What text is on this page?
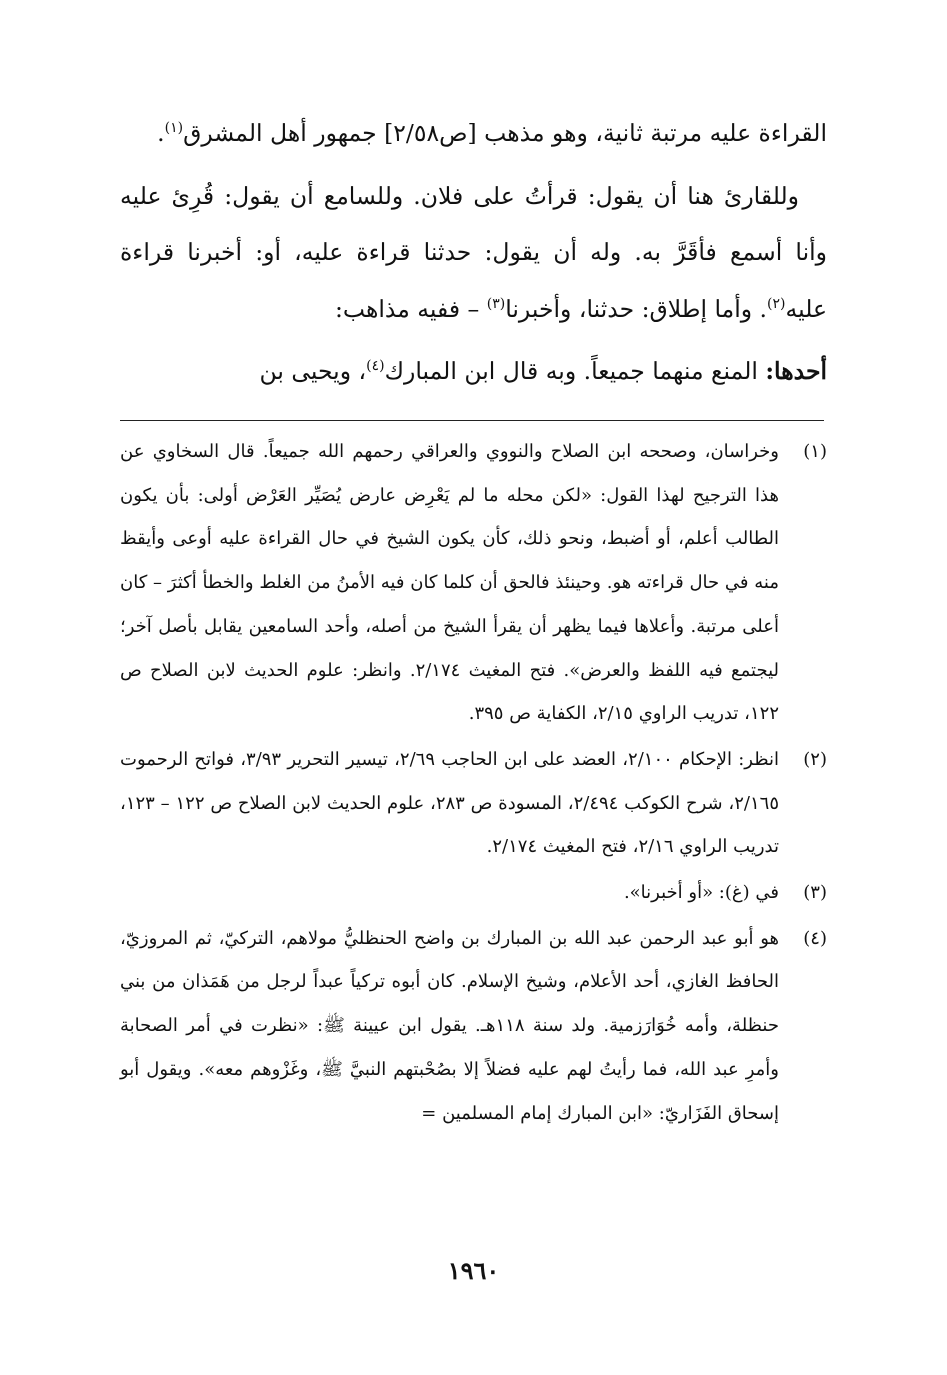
القراءة عليه مرتبة ثانية، وهو مذهب [ص٢/٥٨] جمهور أهل المشرق$^{(١)}$.

وللقارئ هنا أن يقول: قرأتُ على فلان. وللسامع أن يقول: قُرِئ عليه وأنا أسمع فأقَرَّ به. وله أن يقول: حدثنا قراءة عليه، أو: أخبرنا قراءة عليه$^{(٢)}$. وأما إطلاق: حدثنا، وأخبرنا$^{(٣)}$ – ففيه مذاهب:

أحدها: المنع منهما جميعاً. وبه قال ابن المبارك$^{(٤)}$، ويحيى بن

(١)
وخراسان، وصححه ابن الصلاح والنووي والعراقي رحمهم الله جميعاً. قال السخاوي عن هذا الترجيح لهذا القول: «لكن محله ما لم يَعْرِض عارض يُصَيِّر العَرْض أولى: بأن يكون الطالب أعلم، أو أضبط، ونحو ذلك، كأن يكون الشيخ في حال القراءة عليه أوعى وأيقظ منه في حال قراءته هو. وحينئذ فالحق أن كلما كان فيه الأمنُ من الغلط والخطأ أكثرَ – كان أعلى مرتبة. وأعلاها فيما يظهر أن يقرأ الشيخ من أصله، وأحد السامعين يقابل بأصل آخر؛ ليجتمع فيه اللفظ والعرض». فتح المغيث ٢/١٧٤. وانظر: علوم الحديث لابن الصلاح ص ١٢٢، تدريب الراوي ٢/١٥، الكفاية ص ٣٩٥.
(٢)
انظر: الإحكام ٢/١٠٠، العضد على ابن الحاجب ٢/٦٩، تيسير التحرير ٣/٩٣، فواتح الرحموت ٢/١٦٥، شرح الكوكب ٢/٤٩٤، المسودة ص ٢٨٣، علوم الحديث لابن الصلاح ص ١٢٢ – ١٢٣، تدريب الراوي ٢/١٦، فتح المغيث ٢/١٧٤.
(٣)
في (غ): «أو أخبرنا».
(٤)
هو أبو عبد الرحمن عبد الله بن المبارك بن واضح الحنظليُّ مولاهم، التركيّ، ثم المروزيّ، الحافظ الغازي، أحد الأعلام، وشيخ الإسلام. كان أبوه تركياً عبداً لرجل من هَمَذان من بني حنظلة، وأمه خُوَارَزمية. ولد سنة ١١٨هـ. يقول ابن عيينة ﷺ: «نظرت في أمر الصحابة وأمرِ عبد الله، فما رأيتُ لهم عليه فضلاً إلا بصُحْبتهم النبيَّ ﷺ، وغَزْوهم معه». ويقول أبو إسحاق الفَزَاريّ: «ابن المبارك إمام المسلمين =
١٩٦٠
